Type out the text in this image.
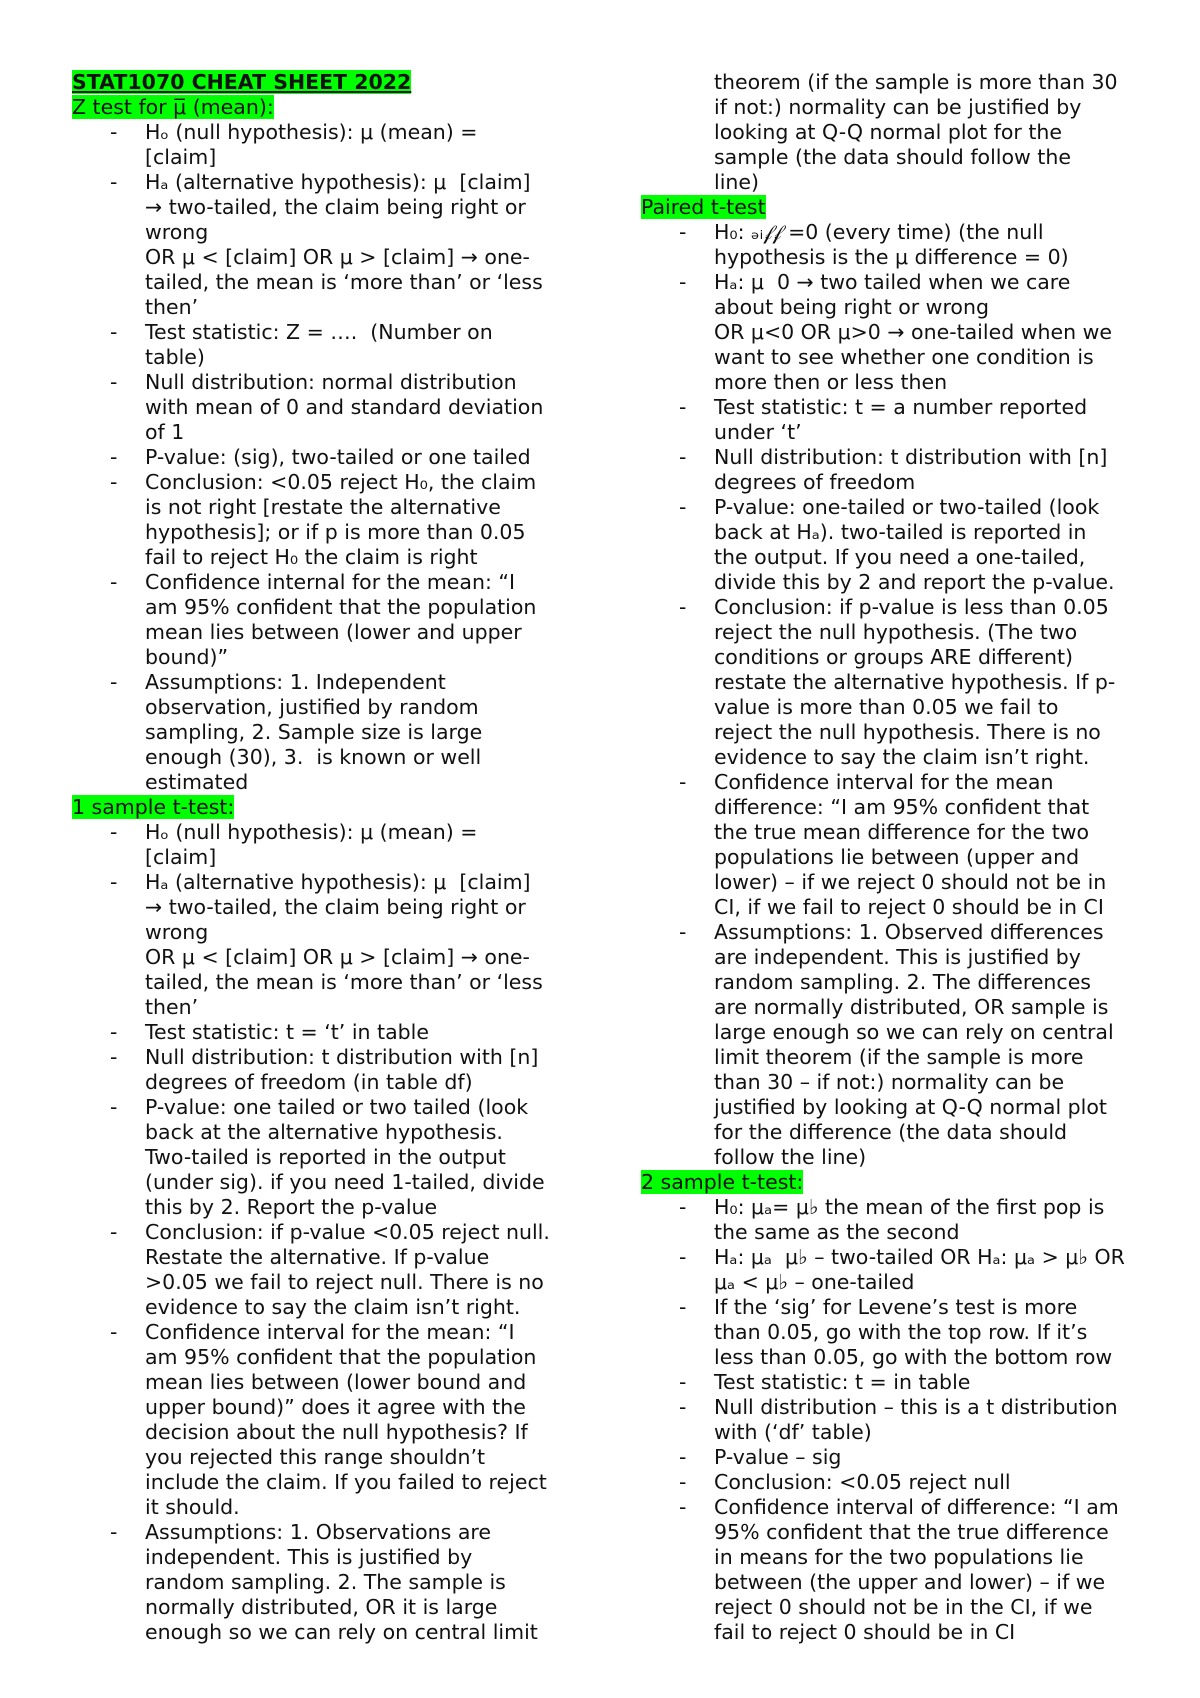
STAT1070 CHEAT SHEET 2022
Z test for μ̅ (mean):
- Hₒ (null hypothesis): μ (mean) =
[claim]
- Hₐ (alternative hypothesis): μ  [claim]
→ two-tailed, the claim being right or
wrong
OR μ < [claim] OR μ > [claim] → one-
tailed, the mean is ‘more than’ or ‘less
then’
- Test statistic: Z = ….  (Number on
table)
- Null distribution: normal distribution
with mean of 0 and standard deviation
of 1
- P-value: (sig), two-tailed or one tailed
- Conclusion: <0.05 reject H₀, the claim
is not right [restate the alternative
hypothesis]; or if p is more than 0.05
fail to reject H₀ the claim is right
- Confidence internal for the mean: “I
am 95% confident that the population
mean lies between (lower and upper
bound)”
- Assumptions: 1. Independent
observation, justified by random
sampling, 2. Sample size is large
enough (30), 3.  is known or well
estimated
1 sample t-test:
- Hₒ (null hypothesis): μ (mean) =
[claim]
- Hₐ (alternative hypothesis): μ  [claim]
→ two-tailed, the claim being right or
wrong
OR μ < [claim] OR μ > [claim] → one-
tailed, the mean is ‘more than’ or ‘less
then’
- Test statistic: t = ‘t’ in table
- Null distribution: t distribution with [n]
degrees of freedom (in table df)
- P-value: one tailed or two tailed (look
back at the alternative hypothesis.
Two-tailed is reported in the output
(under sig). if you need 1-tailed, divide
this by 2. Report the p-value
- Conclusion: if p-value <0.05 reject null.
Restate the alternative. If p-value
>0.05 we fail to reject null. There is no
evidence to say the claim isn’t right.
- Confidence interval for the mean: “I
am 95% confident that the population
mean lies between (lower bound and
upper bound)” does it agree with the
decision about the null hypothesis? If
you rejected this range shouldn’t
include the claim. If you failed to reject
it should.
- Assumptions: 1. Observations are
independent. This is justified by
random sampling. 2. The sample is
normally distributed, OR it is large
enough so we can rely on central limit
theorem (if the sample is more than 30
if not:) normality can be justified by
looking at Q-Q normal plot for the
sample (the data should follow the
line)
Paired t-test
- H₀: ₔᵢ𝒻𝒻 =0 (every time) (the null
hypothesis is the μ difference = 0)
- Hₐ: μ  0 → two tailed when we care
about being right or wrong
OR μ<0 OR μ>0 → one-tailed when we
want to see whether one condition is
more then or less then
- Test statistic: t = a number reported
under ‘t’
- Null distribution: t distribution with [n]
degrees of freedom
- P-value: one-tailed or two-tailed (look
back at Hₐ). two-tailed is reported in
the output. If you need a one-tailed,
divide this by 2 and report the p-value.
- Conclusion: if p-value is less than 0.05
reject the null hypothesis. (The two
conditions or groups ARE different)
restate the alternative hypothesis. If p-
value is more than 0.05 we fail to
reject the null hypothesis. There is no
evidence to say the claim isn’t right.
- Confidence interval for the mean
difference: “I am 95% confident that
the true mean difference for the two
populations lie between (upper and
lower) – if we reject 0 should not be in
CI, if we fail to reject 0 should be in CI
- Assumptions: 1. Observed differences
are independent. This is justified by
random sampling. 2. The differences
are normally distributed, OR sample is
large enough so we can rely on central
limit theorem (if the sample is more
than 30 – if not:) normality can be
justified by looking at Q-Q normal plot
for the difference (the data should
follow the line)
2 sample t-test:
- H₀: μₐ= μ♭ the mean of the first pop is
the same as the second
- Hₐ: μₐ  μ♭ – two-tailed OR Hₐ: μₐ > μ♭ OR
μₐ < μ♭ – one-tailed
- If the ‘sig’ for Levene’s test is more
than 0.05, go with the top row. If it’s
less than 0.05, go with the bottom row
- Test statistic: t = in table
- Null distribution – this is a t distribution
with (‘df’ table)
- P-value – sig
- Conclusion: <0.05 reject null
- Confidence interval of difference: “I am
95% confident that the true difference
in means for the two populations lie
between (the upper and lower) – if we
reject 0 should not be in the CI, if we
fail to reject 0 should be in CI
